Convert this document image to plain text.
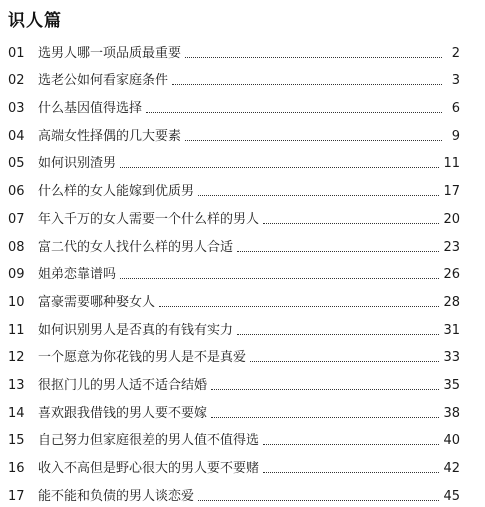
识人篇
01	选男人哪一项品质最重要	2
02	选老公如何看家庭条件	3
03	什么基因值得选择	6
04	高端女性择偶的几大要素	9
05	如何识别渣男	11
06	什么样的女人能嫁到优质男	17
07	年入千万的女人需要一个什么样的男人	20
08	富二代的女人找什么样的男人合适	23
09	姐弟恋靠谱吗	26
10	富豪需要哪种娶女人	28
11	如何识别男人是否真的有钱有实力	31
12	一个愿意为你花钱的男人是不是真爱	33
13	很抠门儿的男人适不适合结婚	35
14	喜欢跟我借钱的男人要不要嫁	38
15	自己努力但家庭很差的男人值不值得选	40
16	收入不高但是野心很大的男人要不要赌	42
17	能不能和负债的男人谈恋爱	45
